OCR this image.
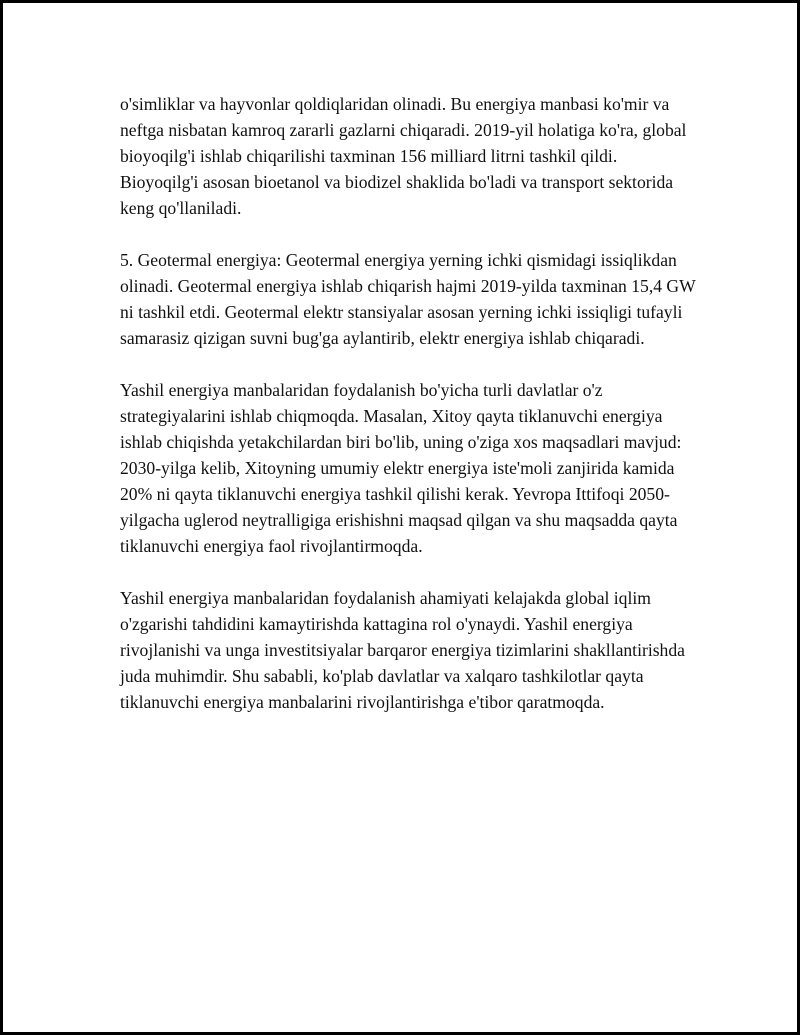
o'simliklar va hayvonlar qoldiqlaridan olinadi. Bu energiya manbasi ko'mir va neftga nisbatan kamroq zararli gazlarni chiqaradi. 2019-yil holatiga ko'ra, global bioyoqilg'i ishlab chiqarilishi taxminan 156 milliard litrni tashkil qildi. Bioyoqilg'i asosan bioetanol va biodizel shaklida bo'ladi va transport sektorida keng qo'llaniladi.

5. Geotermal energiya: Geotermal energiya yerning ichki qismidagi issiqlikdan olinadi. Geotermal energiya ishlab chiqarish hajmi 2019-yilda taxminan 15,4 GW ni tashkil etdi. Geotermal elektr stansiyalar asosan yerning ichki issiqligi tufayli samarasiz qizigan suvni bug'ga aylantirib, elektr energiya ishlab chiqaradi.

Yashil energiya manbalaridan foydalanish bo'yicha turli davlatlar o'z strategiyalarini ishlab chiqmoqda. Masalan, Xitoy qayta tiklanuvchi energiya ishlab chiqishda yetakchilardan biri bo'lib, uning o'ziga xos maqsadlari mavjud: 2030-yilga kelib, Xitoyning umumiy elektr energiya iste'moli zanjirida kamida 20% ni qayta tiklanuvchi energiya tashkil qilishi kerak. Yevropa Ittifoqi 2050-yilgacha uglerod neytralligiga erishishni maqsad qilgan va shu maqsadda qayta tiklanuvchi energiya faol rivojlantirmoqda.

Yashil energiya manbalaridan foydalanish ahamiyati kelajakda global iqlim o'zgarishi tahdidini kamaytirishda kattagina rol o'ynaydi. Yashil energiya rivojlanishi va unga investitsiyalar barqaror energiya tizimlarini shakllantirishda juda muhimdir. Shu sababli, ko'plab davlatlar va xalqaro tashkilotlar qayta tiklanuvchi energiya manbalarini rivojlantirishga e'tibor qaratmoqda.
